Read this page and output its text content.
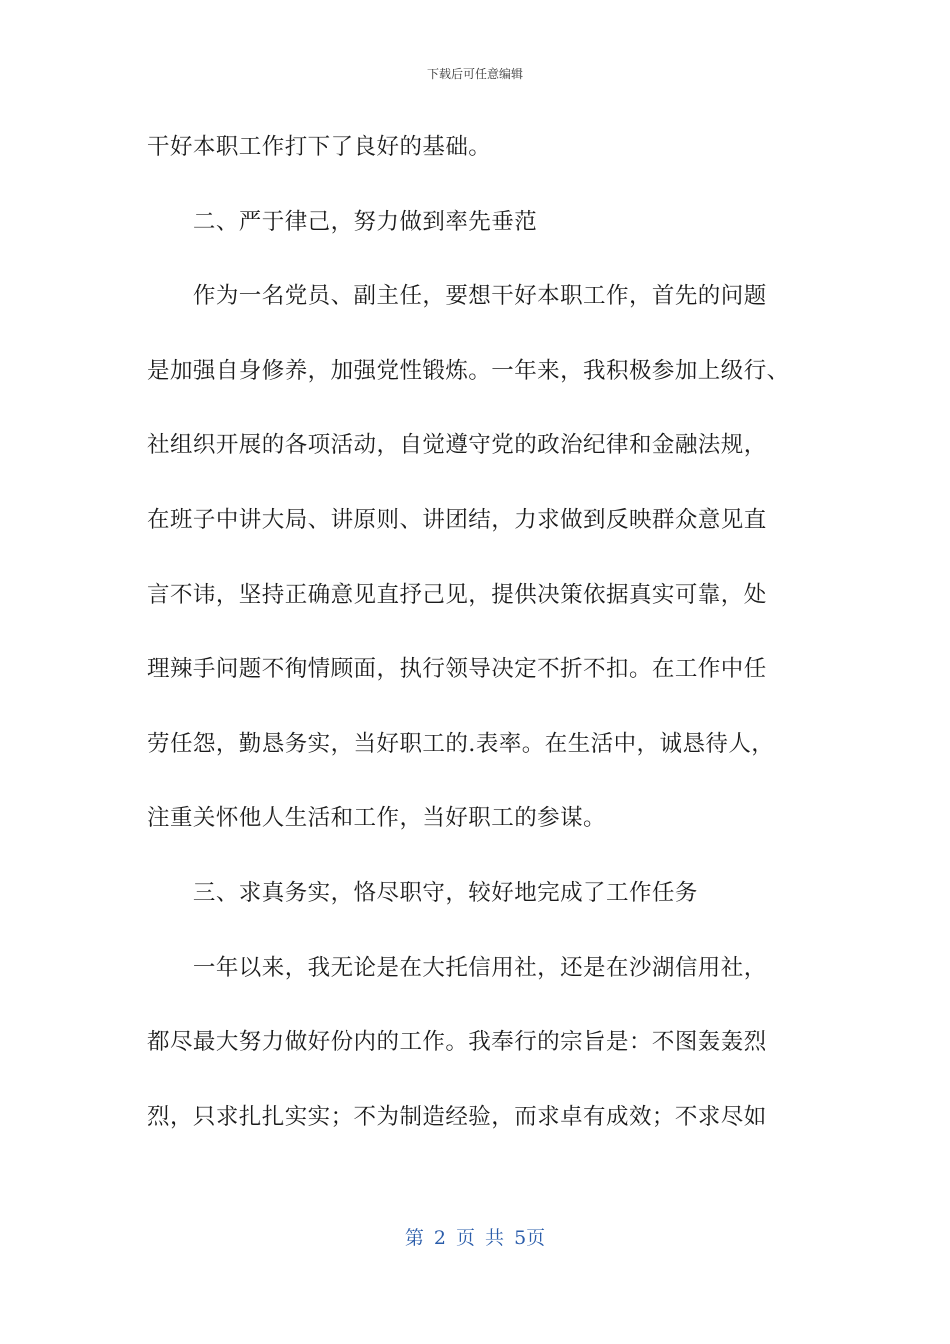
下载后可任意编辑
干好本职工作打下了良好的基础。
　　二、严于律己，努力做到率先垂范
　　作为一名党员、副主任，要想干好本职工作，首先的问题
是加强自身修养，加强党性锻炼。一年来，我积极参加上级行、
社组织开展的各项活动，自觉遵守党的政治纪律和金融法规，
在班子中讲大局、讲原则、讲团结，力求做到反映群众意见直
言不讳，坚持正确意见直抒己见，提供决策依据真实可靠，处
理辣手问题不徇情顾面，执行领导决定不折不扣。在工作中任
劳任怨，勤恳务实，当好职工的.表率。在生活中，诚恳待人，
注重关怀他人生活和工作，当好职工的参谋。
　　三、求真务实，恪尽职守，较好地完成了工作任务
　　一年以来，我无论是在大托信用社，还是在沙湖信用社，
都尽最大努力做好份内的工作。我奉行的宗旨是：不图轰轰烈
烈，只求扎扎实实；不为制造经验，而求卓有成效；不求尽如
第 2 页 共 5页
